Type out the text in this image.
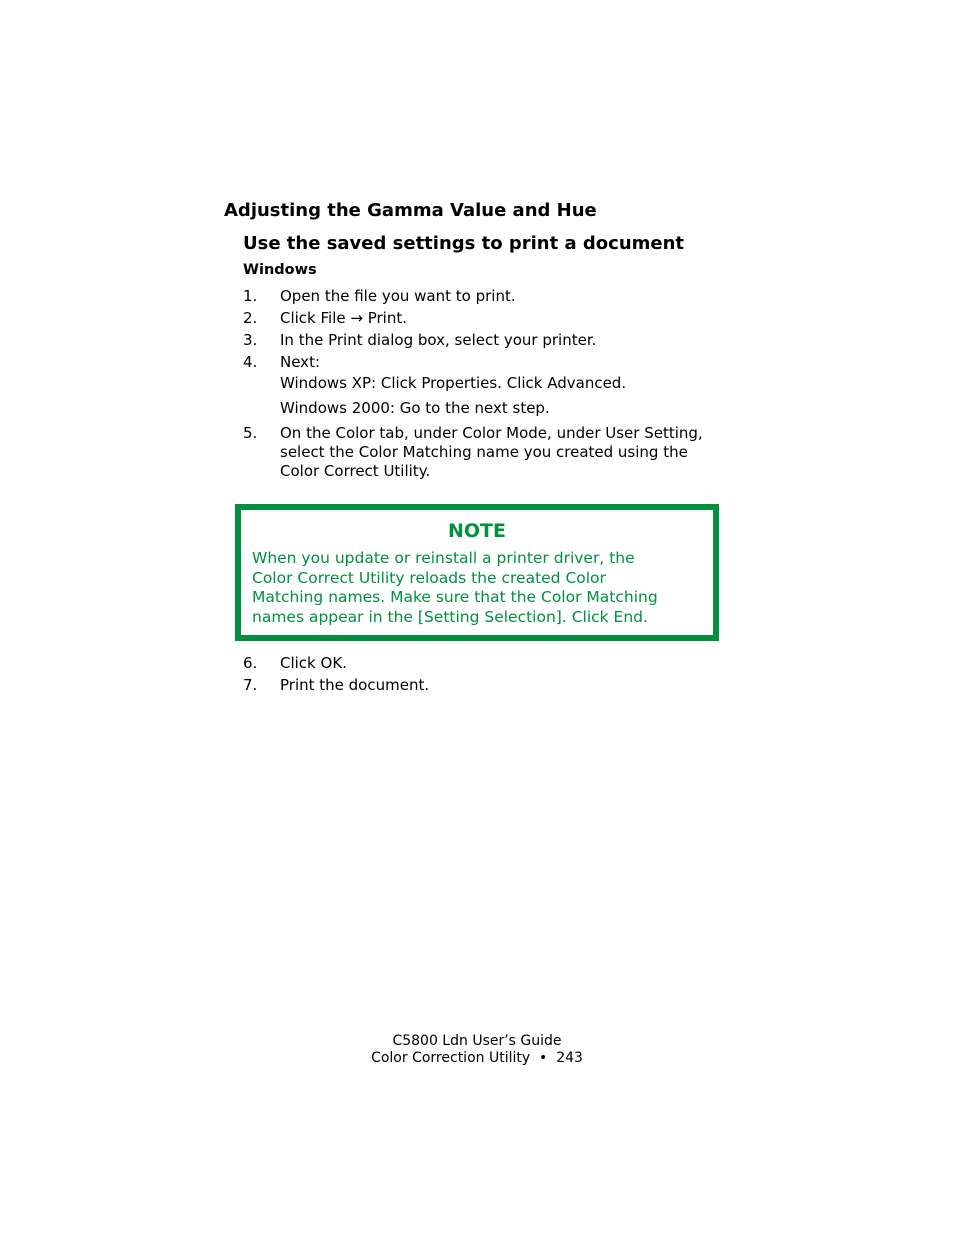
Adjusting the Gamma Value and Hue
Use the saved settings to print a document
Windows
1. Open the file you want to print.
2. Click File → Print.
3. In the Print dialog box, select your printer.
4. Next:
Windows XP: Click Properties. Click Advanced.
Windows 2000: Go to the next step.
5. On the Color tab, under Color Mode, under User Setting,
select the Color Matching name you created using the
Color Correct Utility.
NOTE
When you update or reinstall a printer driver, the
Color Correct Utility reloads the created Color
Matching names. Make sure that the Color Matching
names appear in the [Setting Selection]. Click End.
6. Click OK.
7. Print the document.
C5800 Ldn User’s Guide
Color Correction Utility  •  243
